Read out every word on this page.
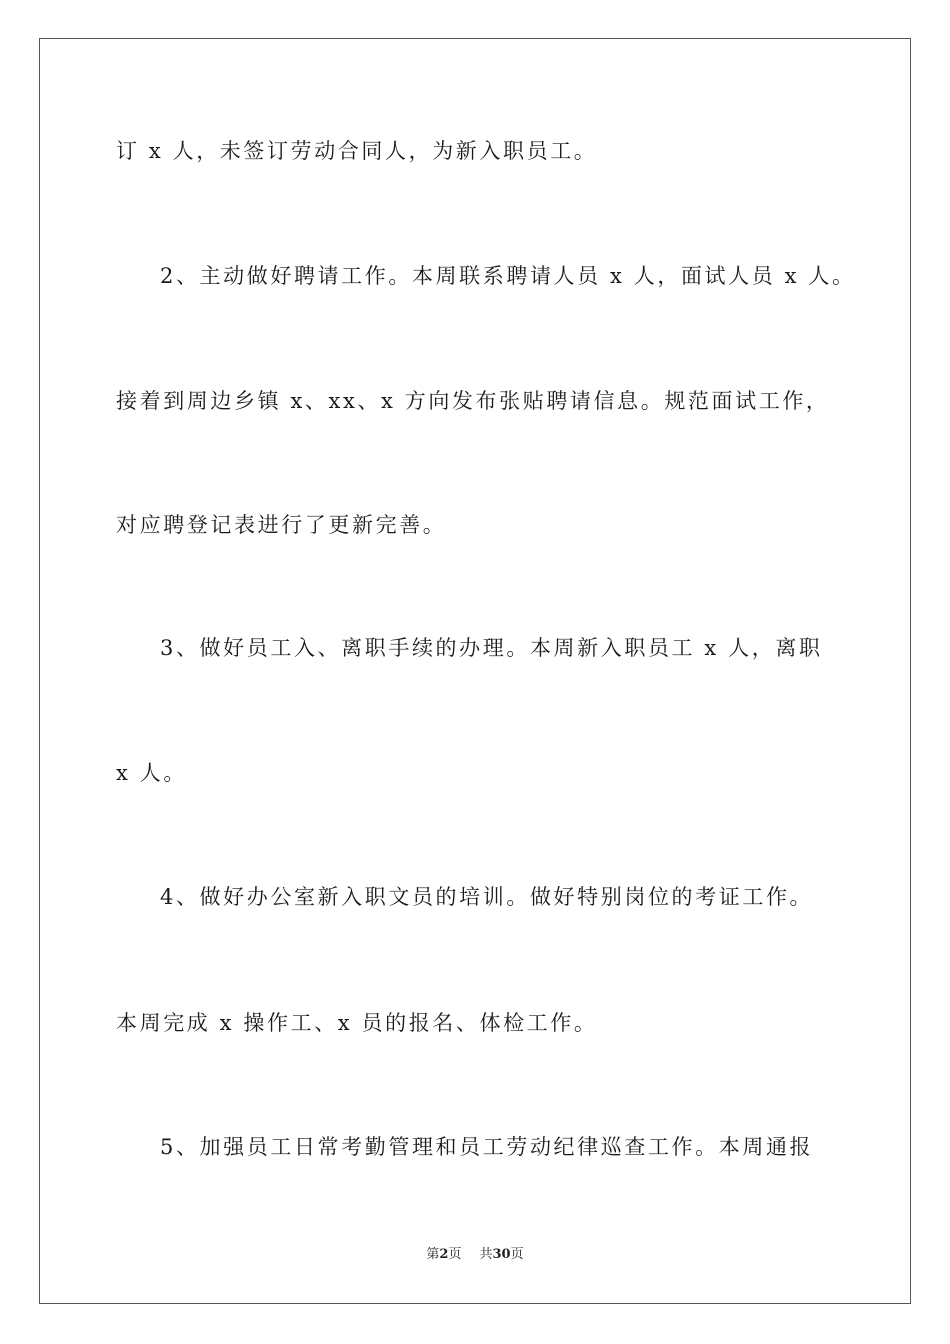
订 x 人，未签订劳动合同人，为新入职员工。
2、主动做好聘请工作。本周联系聘请人员 x 人，面试人员 x 人。
接着到周边乡镇 x、xx、x 方向发布张贴聘请信息。规范面试工作，
对应聘登记表进行了更新完善。
3、做好员工入、离职手续的办理。本周新入职员工 x 人，离职
x 人。
4、做好办公室新入职文员的培训。做好特别岗位的考证工作。
本周完成 x 操作工、x 员的报名、体检工作。
5、加强员工日常考勤管理和员工劳动纪律巡查工作。本周通报
第2页 共30页
